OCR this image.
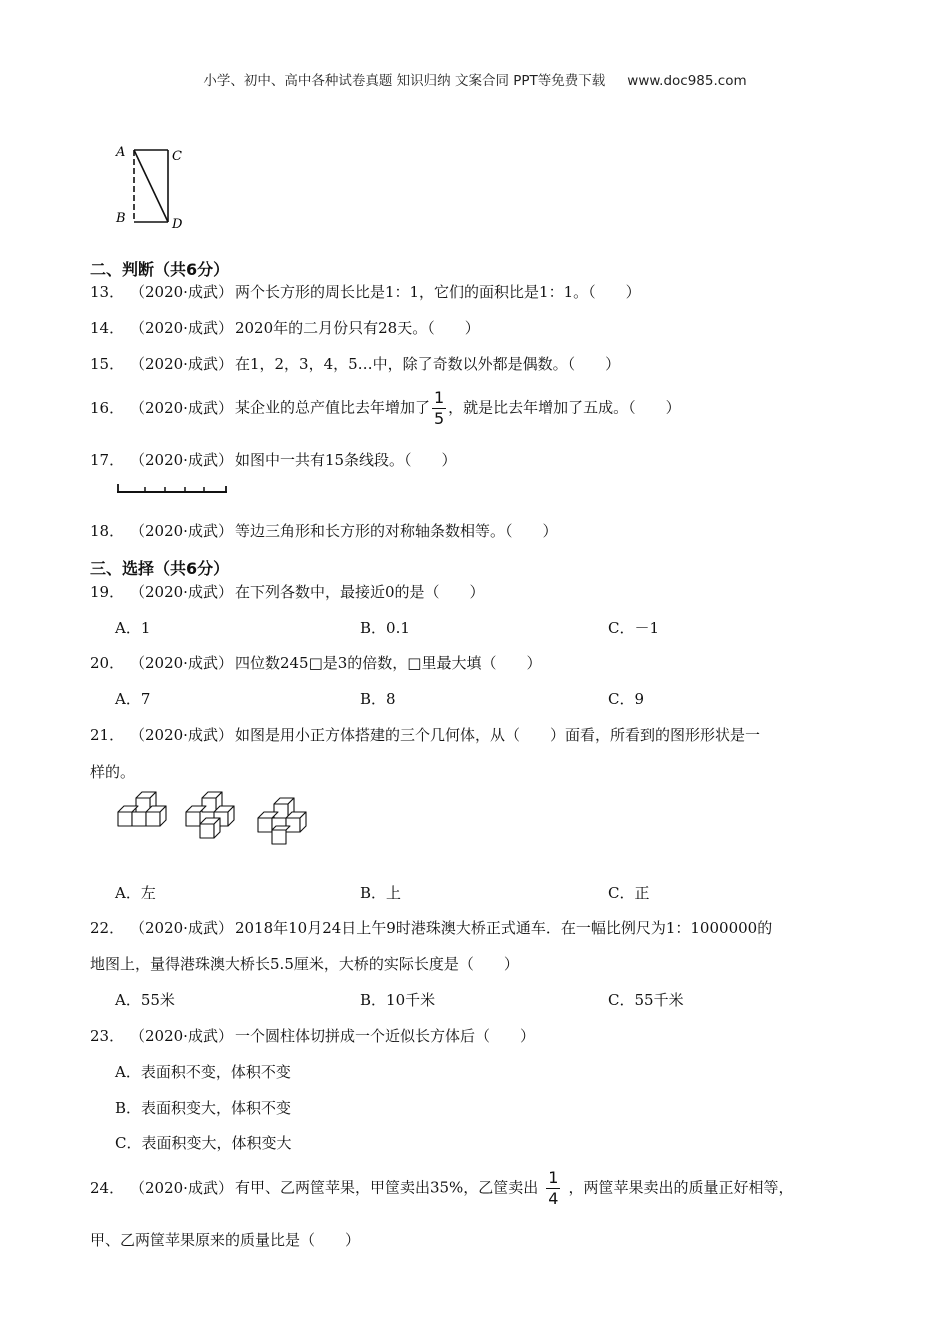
小学、初中、高中各种试卷真题 知识归纳 文案合同 PPT等免费下载 www.doc985.com
A	C
B	D
二、判断（共6分）
13． （2020·成武） 两个长方形的周长比是1：1，它们的面积比是1：1。（　　）
14． （2020·成武） 2020年的二月份只有28天。（　　）
15． （2020·成武） 在1，2，3，4，5…中，除了奇数以外都是偶数。（　　）
16． （2020·成武） 某企业的总产值比去年增加了 $\frac{1}{5}$ ，就是比去年增加了五成。（　　）
17． （2020·成武） 如图中一共有15条线段。（　　）
18． （2020·成武） 等边三角形和长方形的对称轴条数相等。（　　）
三、选择（共6分）
19． （2020·成武） 在下列各数中，最接近0的是（　　）
A．1	B．0.1	C．－1
20． （2020·成武） 四位数245□是3的倍数，□里最大填（　　）
A．7	B．8	C．9
21． （2020·成武） 如图是用小正方体搭建的三个几何体，从（　　）面看，所看到的图形形状是一
样的。
A．左	B．上	C．正
22． （2020·成武） 2018年10月24日上午9时港珠澳大桥正式通车．在一幅比例尺为1：1000000的
地图上，量得港珠澳大桥长5.5厘米，大桥的实际长度是（　　）
A．55米	B．10千米	C．55千米
23． （2020·成武） 一个圆柱体切拼成一个近似长方体后（　　）
A．表面积不变，体积不变
B．表面积变大，体积不变
C．表面积变大，体积变大
24． （2020·成武） 有甲、乙两筐苹果，甲筐卖出35%，乙筐卖出 $\frac{1}{4}$ ，两筐苹果卖出的质量正好相等，
甲、乙两筐苹果原来的质量比是（　　）
